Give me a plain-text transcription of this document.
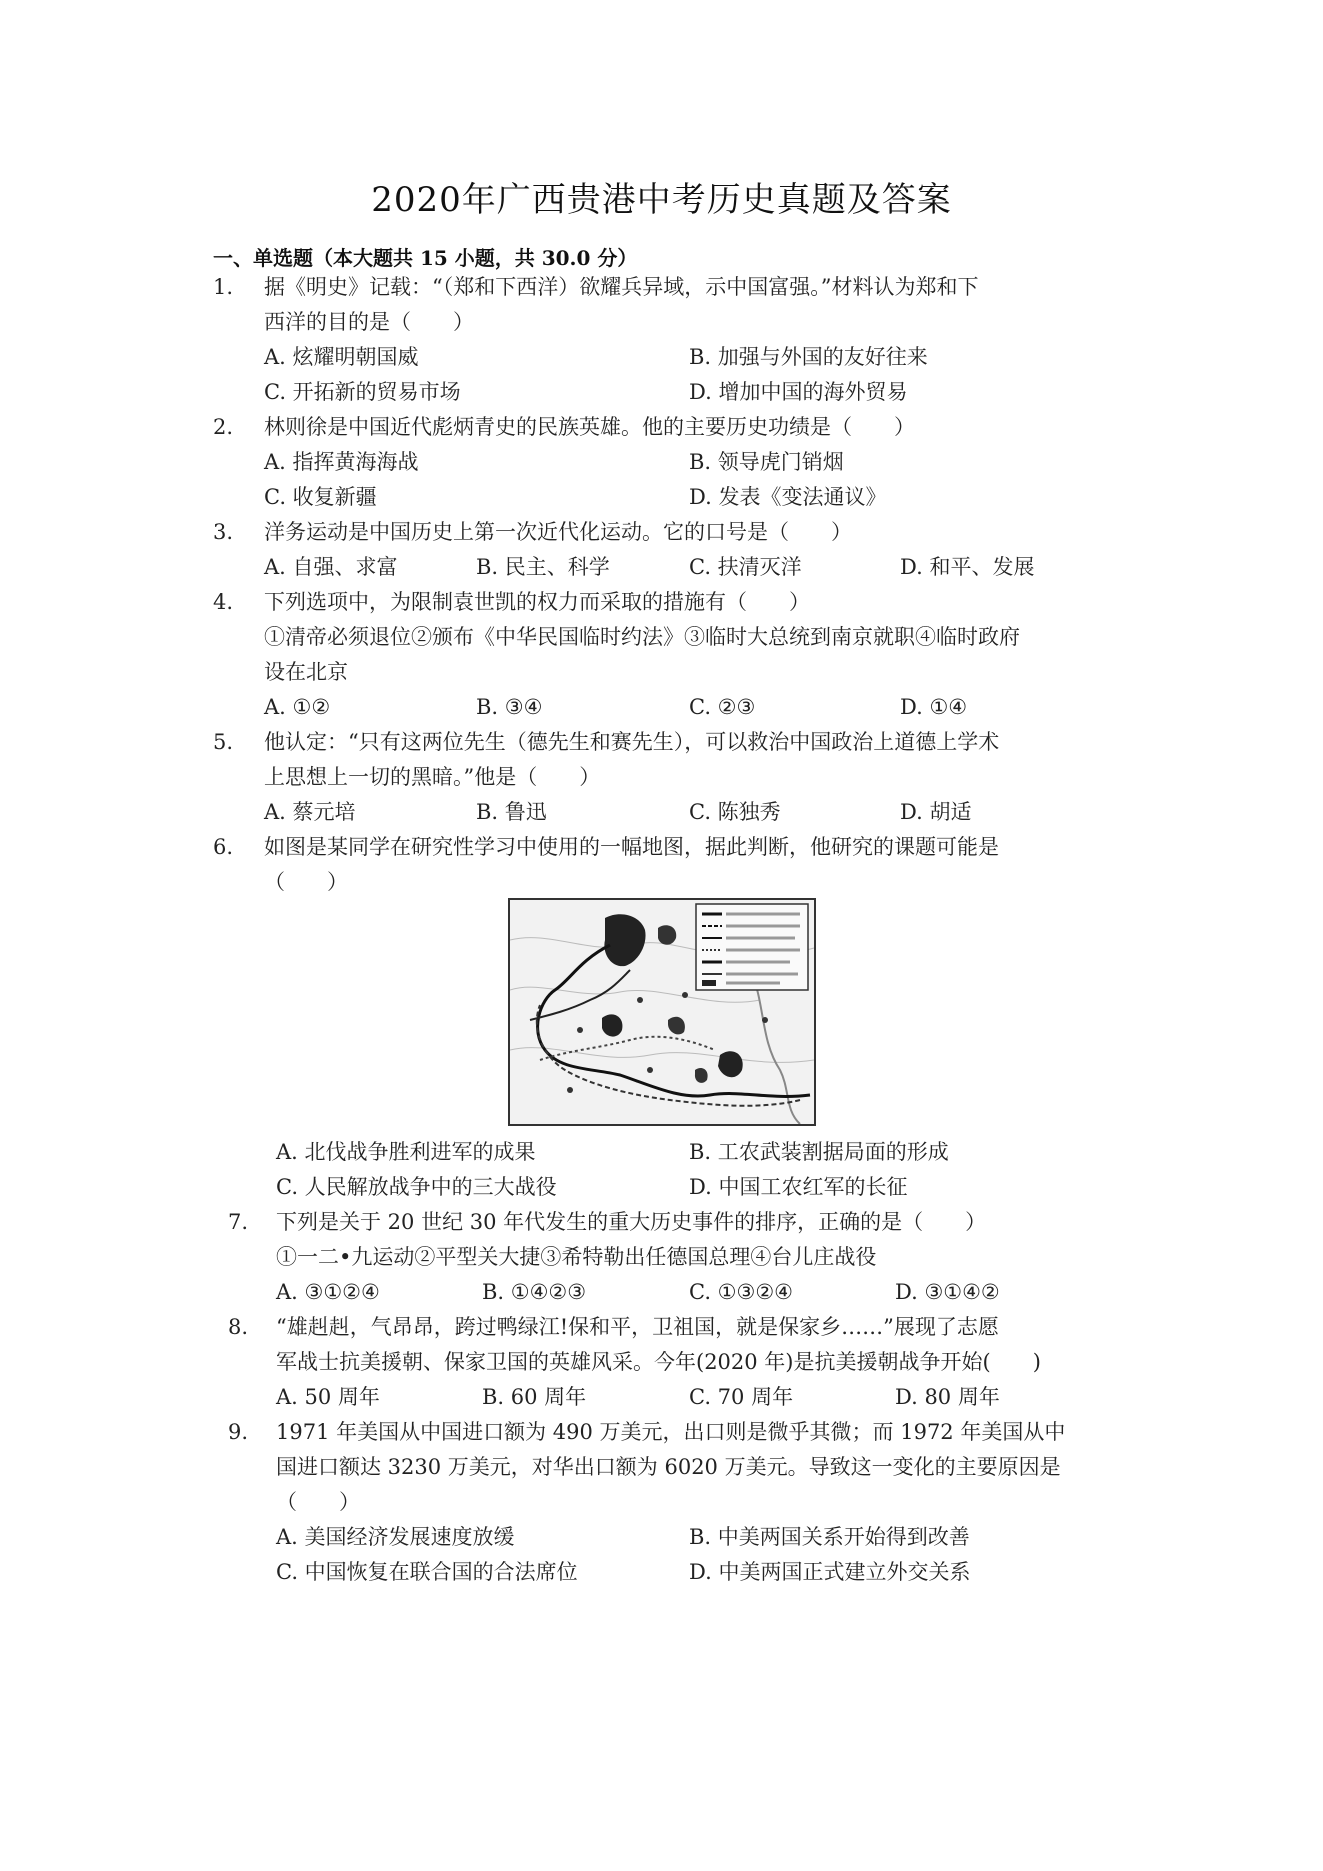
2020年广西贵港中考历史真题及答案
一、单选题（本大题共 15 小题，共 30.0 分）
1. 据《明史》记载：“（郑和下西洋）欲耀兵异域，示中国富强。”材料认为郑和下
西洋的目的是（　　）
A. 炫耀明朝国威	B. 加强与外国的友好往来
C. 开拓新的贸易市场	D. 增加中国的海外贸易
2. 林则徐是中国近代彪炳青史的民族英雄。他的主要历史功绩是（　　）
A. 指挥黄海海战	B. 领导虎门销烟
C. 收复新疆	D. 发表《变法通议》
3. 洋务运动是中国历史上第一次近代化运动。它的口号是（　　）
A. 自强、求富	B. 民主、科学	C. 扶清灭洋	D. 和平、发展
4. 下列选项中，为限制袁世凯的权力而采取的措施有（　　）
①清帝必须退位②颁布《中华民国临时约法》③临时大总统到南京就职④临时政府
设在北京
A. ①②	B. ③④	C. ②③	D. ①④
5. 他认定：“只有这两位先生（德先生和赛先生），可以救治中国政治上道德上学术
上思想上一切的黑暗。”他是（　　）
A. 蔡元培	B. 鲁迅	C. 陈独秀	D. 胡适
6. 如图是某同学在研究性学习中使用的一幅地图，据此判断，他研究的课题可能是
（　　）
A. 北伐战争胜利进军的成果	B. 工农武装割据局面的形成
C. 人民解放战争中的三大战役	D. 中国工农红军的长征
7. 下列是关于 20 世纪 30 年代发生的重大历史事件的排序，正确的是（　　）
①一二•九运动②平型关大捷③希特勒出任德国总理④台儿庄战役
A. ③①②④	B. ①④②③	C. ①③②④	D. ③①④②
8. “雄赳赳，气昂昂，跨过鸭绿江!保和平，卫祖国，就是保家乡……”展现了志愿
军战士抗美援朝、保家卫国的英雄风采。今年(2020 年)是抗美援朝战争开始(　　)
A. 50 周年	B. 60 周年	C. 70 周年	D. 80 周年
9. 1971 年美国从中国进口额为 490 万美元，出口则是微乎其微；而 1972 年美国从中
国进口额达 3230 万美元，对华出口额为 6020 万美元。导致这一变化的主要原因是
（　　）
A. 美国经济发展速度放缓	B. 中美两国关系开始得到改善
C. 中国恢复在联合国的合法席位	D. 中美两国正式建立外交关系
